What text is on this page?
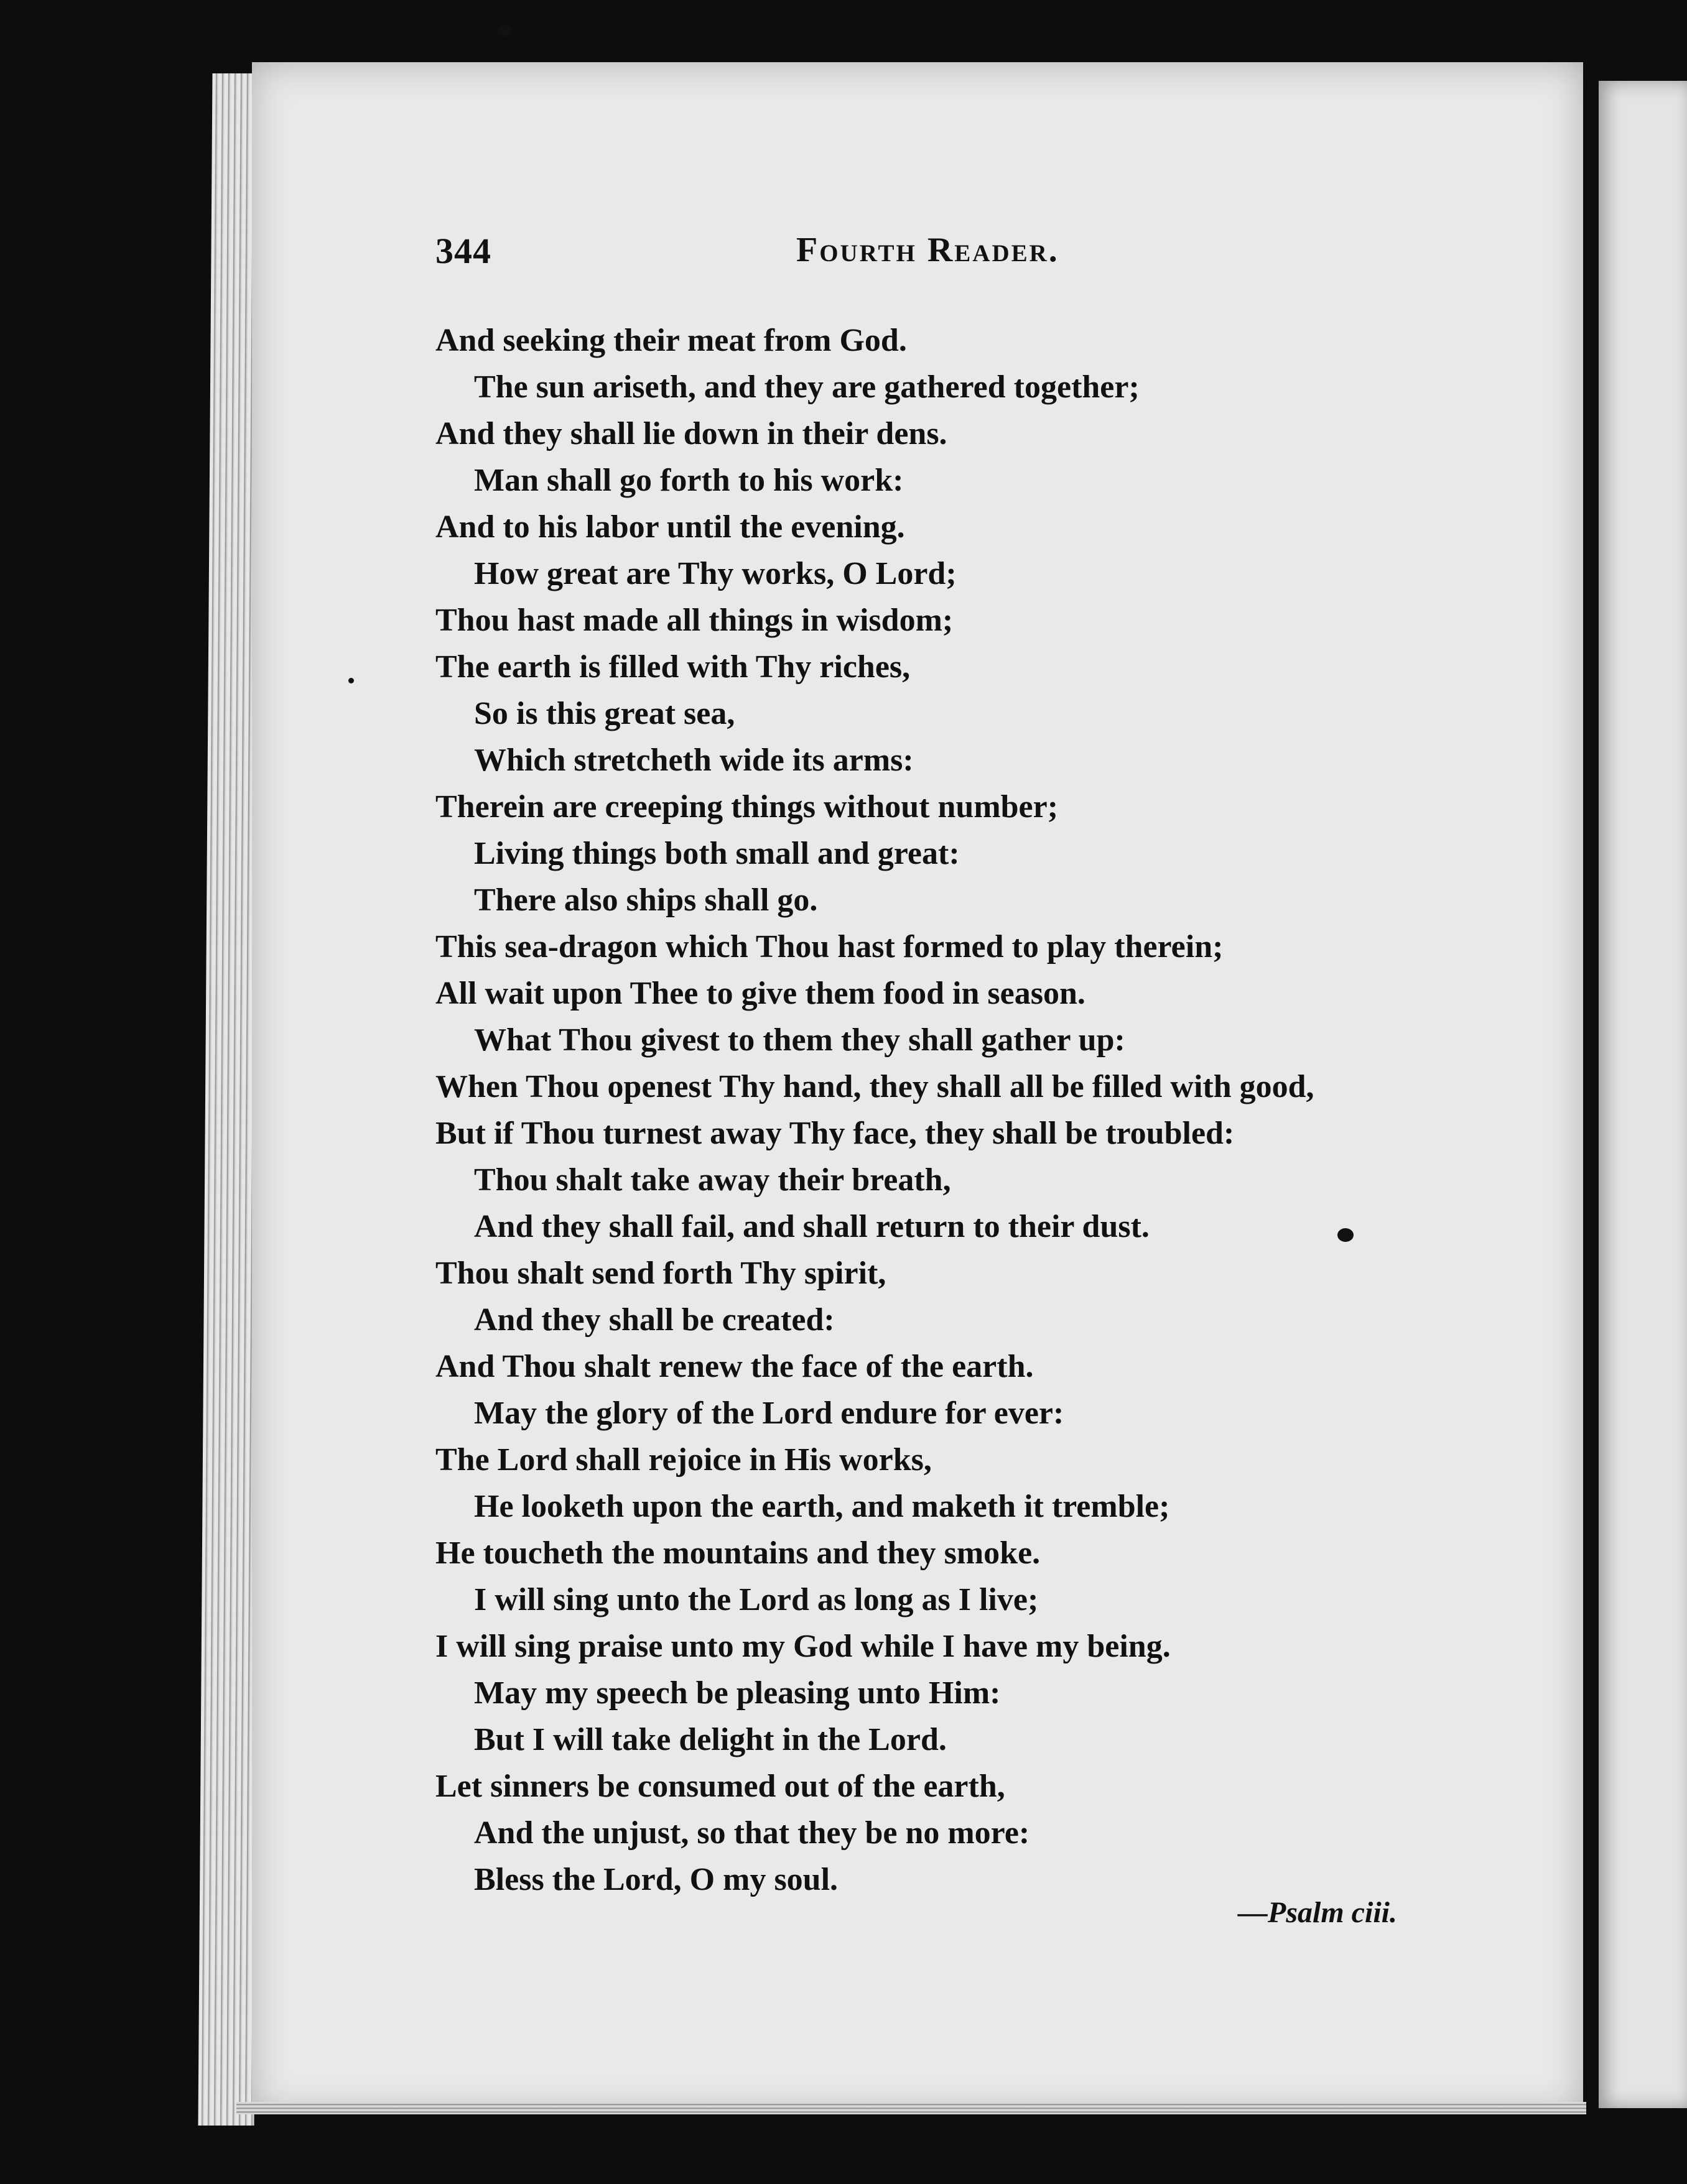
344	Fourth Reader.
And seeking their meat from God.
The sun ariseth, and they are gathered together;
And they shall lie down in their dens.
Man shall go forth to his work:
And to his labor until the evening.
How great are Thy works, O Lord;
Thou hast made all things in wisdom;
The earth is filled with Thy riches,
So is this great sea,
Which stretcheth wide its arms:
Therein are creeping things without number;
Living things both small and great:
There also ships shall go.
This sea-dragon which Thou hast formed to play therein;
All wait upon Thee to give them food in season.
What Thou givest to them they shall gather up:
When Thou openest Thy hand, they shall all be filled with good,
But if Thou turnest away Thy face, they shall be troubled:
Thou shalt take away their breath,
And they shall fail, and shall return to their dust.
Thou shalt send forth Thy spirit,
And they shall be created:
And Thou shalt renew the face of the earth.
May the glory of the Lord endure for ever:
The Lord shall rejoice in His works,
He looketh upon the earth, and maketh it tremble;
He toucheth the mountains and they smoke.
I will sing unto the Lord as long as I live;
I will sing praise unto my God while I have my being.
May my speech be pleasing unto Him:
But I will take delight in the Lord.
Let sinners be consumed out of the earth,
And the unjust, so that they be no more:
Bless the Lord, O my soul.
—Psalm ciii.
